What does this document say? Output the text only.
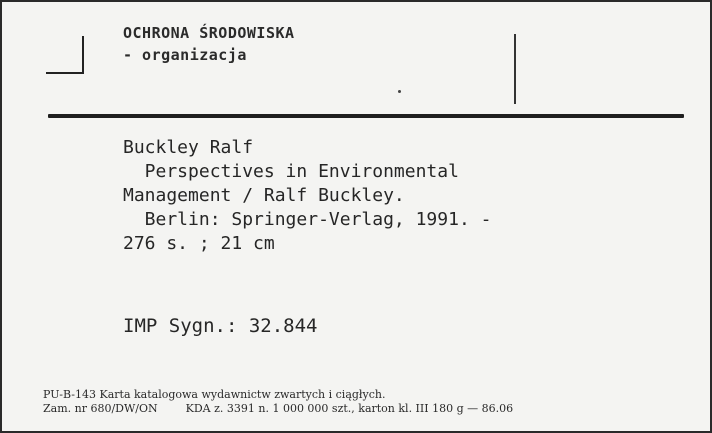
OCHRONA ŚRODOWISKA
- organizacja
Buckley Ralf
Perspectives in Environmental
Management / Ralf Buckley.
Berlin: Springer-Verlag, 1991. -
276 s. ; 21 cm
IMP Sygn.: 32.844
PU-B-143 Karta katalogowa wydawnictw zwartych i ciągłych.
Zam. nr 680/DW/ON        KDA z. 3391 n. 1 000 000 szt., karton kl. III 180 g — 86.06
